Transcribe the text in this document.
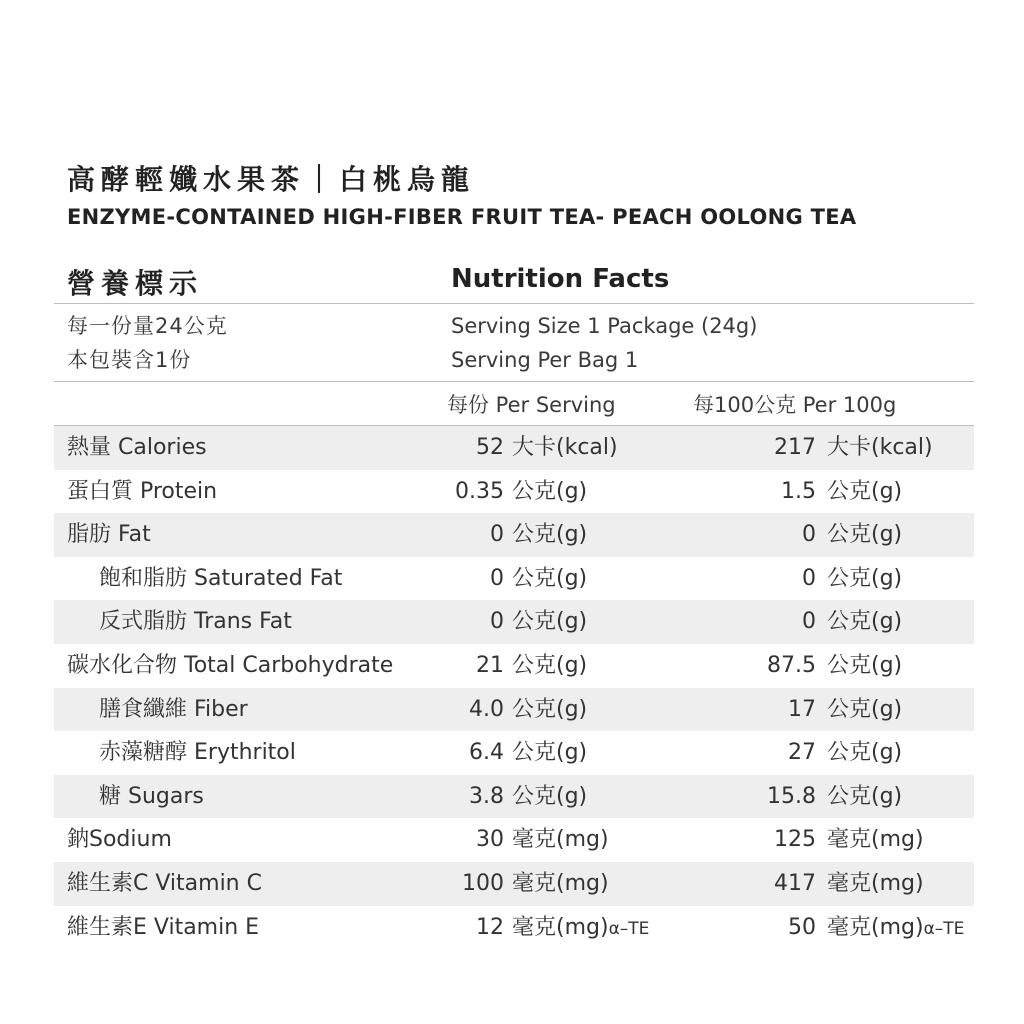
高酵輕孅水果茶｜白桃烏龍
ENZYME-CONTAINED HIGH-FIBER FRUIT TEA- PEACH OOLONG TEA
營養標示	Nutrition Facts
每一份量24公克	Serving Size 1 Package (24g)
本包裝含1份	Serving Per Bag 1
每份 Per Serving	每100公克 Per 100g
熱量 Calories	52 大卡(kcal)	217 大卡(kcal)
蛋白質 Protein	0.35 公克(g)	1.5 公克(g)
脂肪 Fat	0 公克(g)	0 公克(g)
飽和脂肪 Saturated Fat	0 公克(g)	0 公克(g)
反式脂肪 Trans Fat	0 公克(g)	0 公克(g)
碳水化合物 Total Carbohydrate	21 公克(g)	87.5 公克(g)
膳食纖維 Fiber	4.0 公克(g)	17 公克(g)
赤藻糖醇 Erythritol	6.4 公克(g)	27 公克(g)
糖 Sugars	3.8 公克(g)	15.8 公克(g)
鈉Sodium	30 毫克(mg)	125 毫克(mg)
維生素C Vitamin C	100 毫克(mg)	417 毫克(mg)
維生素E Vitamin E	12 毫克(mg)α–TE	50 毫克(mg)α–TE
